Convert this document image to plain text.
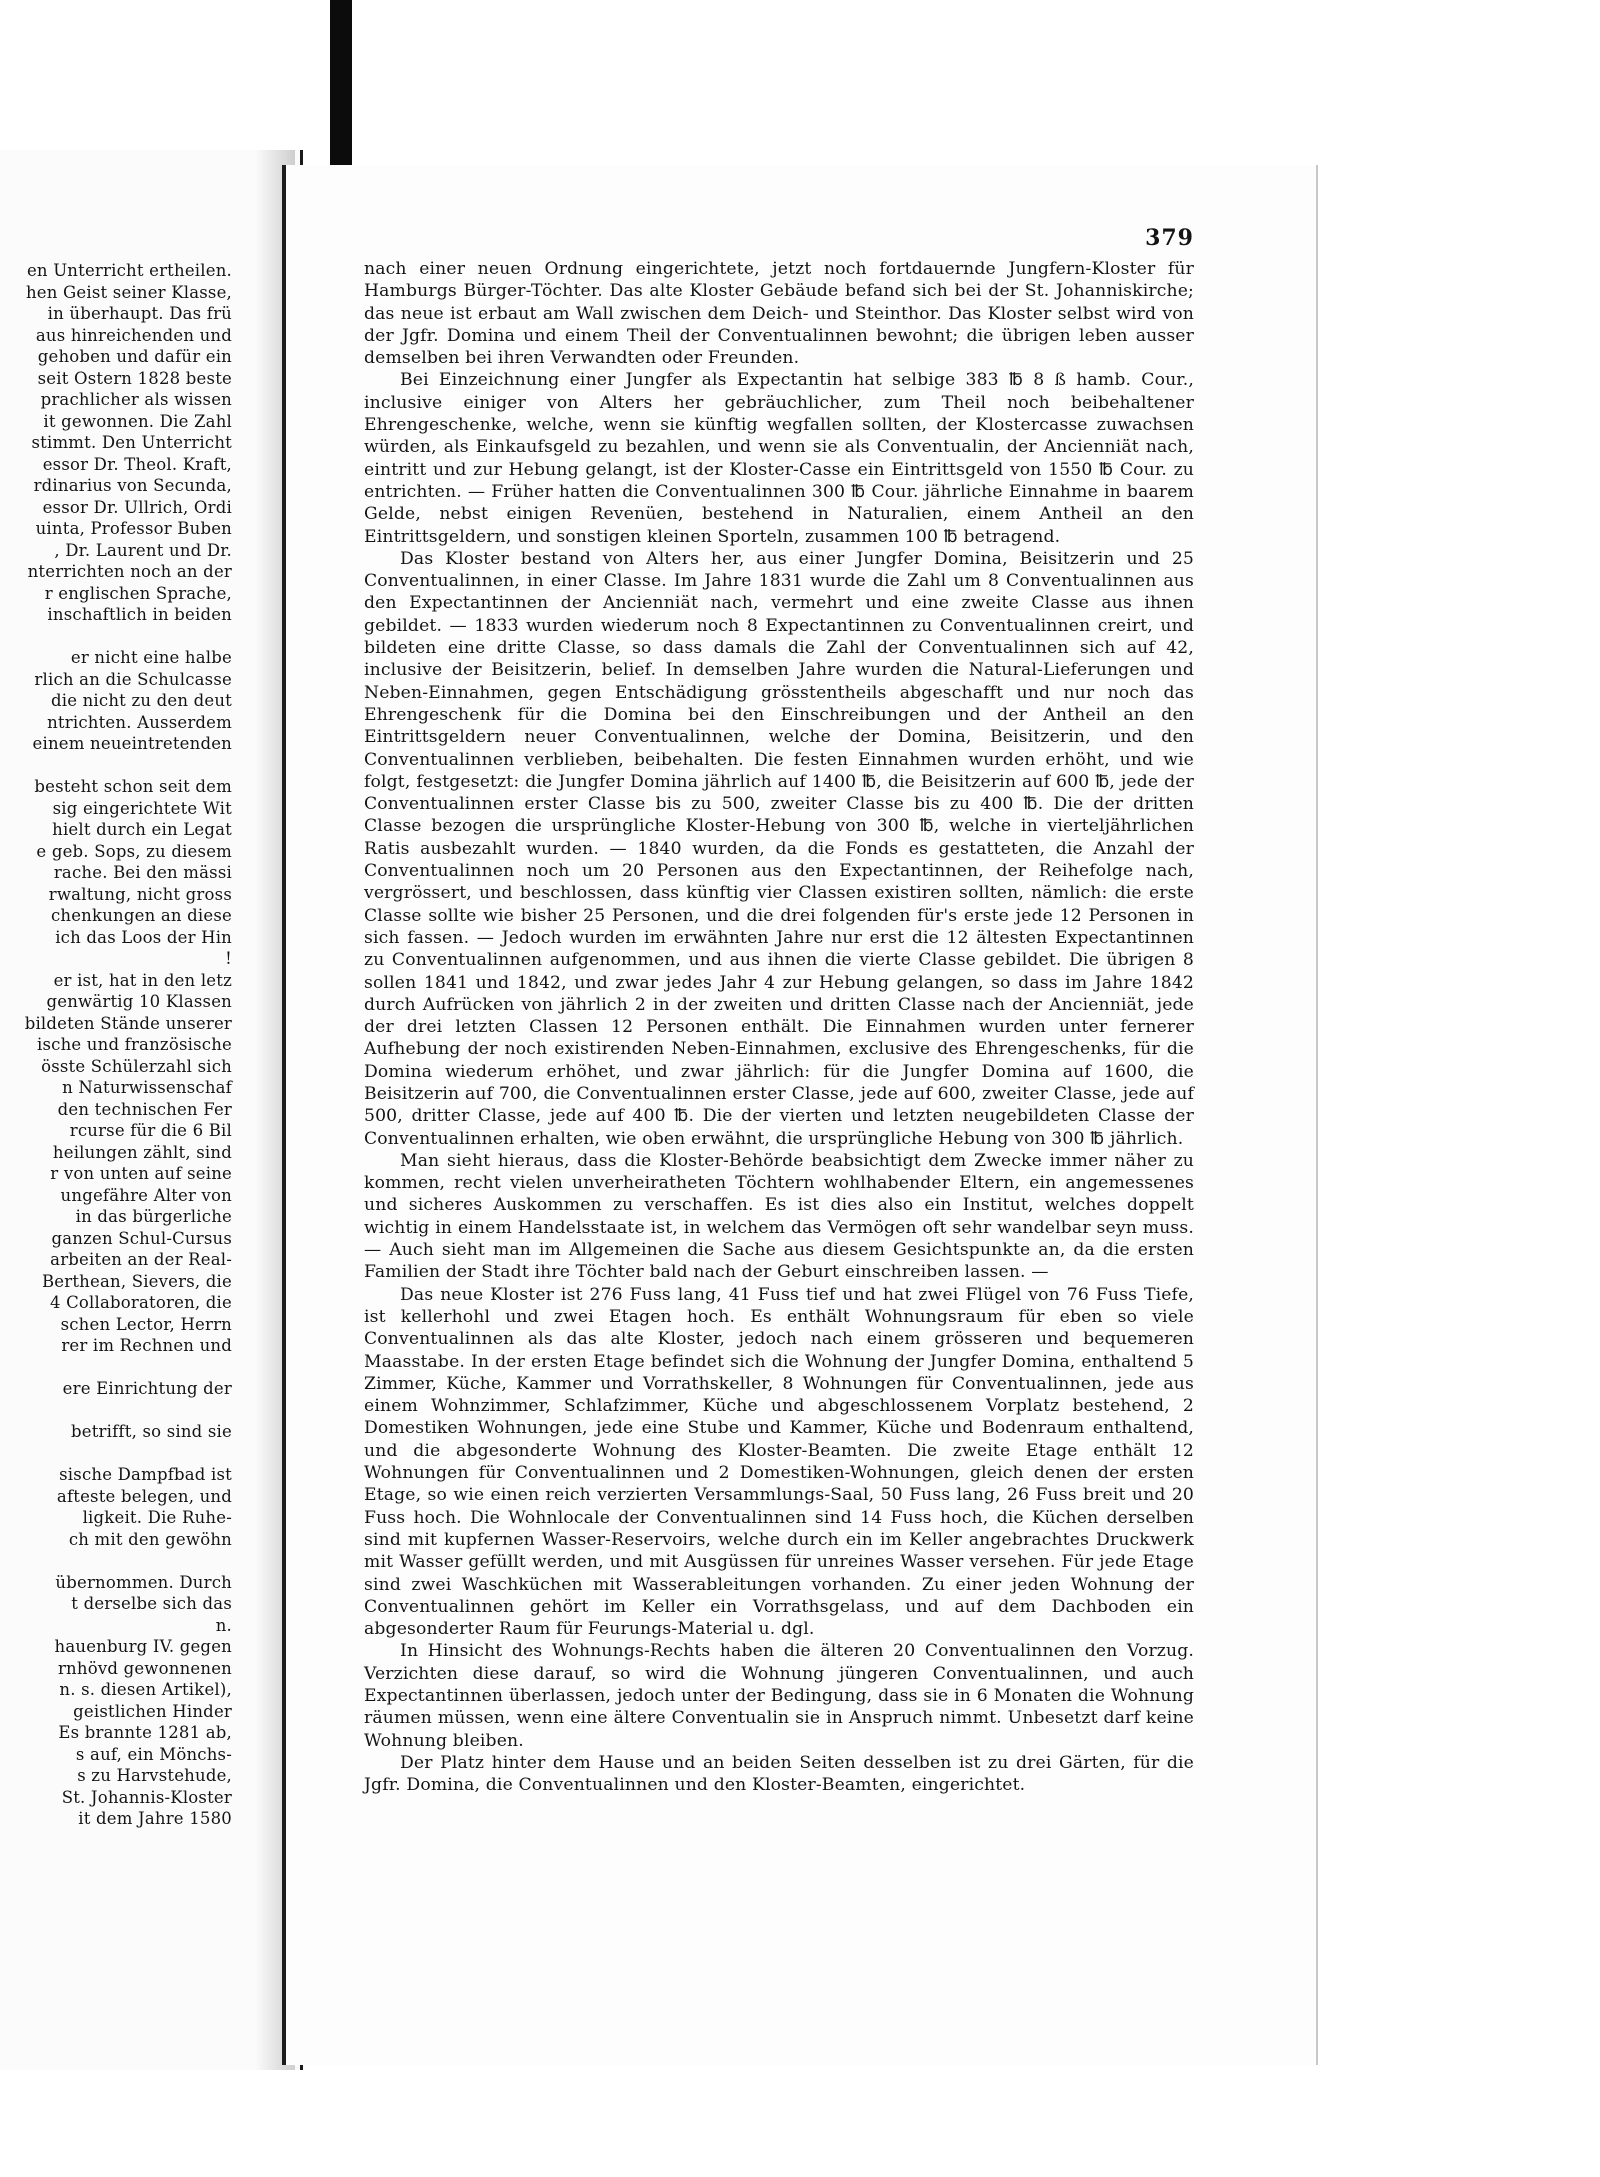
en Unterricht ertheilen.
hen Geist seiner Klasse,
in überhaupt. Das frü
aus hinreichenden und
gehoben und dafür ein
seit Ostern 1828 beste
prachlicher als wissen
it gewonnen. Die Zahl
stimmt. Den Unterricht
essor Dr. Theol. Kraft,
rdinarius von Secunda,
essor Dr. Ullrich, Ordi
uinta, Professor Buben
, Dr. Laurent und Dr.
nterrichten noch an der
r englischen Sprache,
inschaftlich in beiden
er nicht eine halbe
rlich an die Schulcasse
die nicht zu den deut
ntrichten. Ausserdem
einem neueintretenden
besteht schon seit dem
sig eingerichtete Wit
hielt durch ein Legat
e geb. Sops, zu diesem
rache. Bei den mässi
rwaltung, nicht gross
chenkungen an diese
ich das Loos der Hin
!
er ist, hat in den letz
genwärtig 10 Klassen
bildeten Stände unserer
ische und französische
össte Schülerzahl sich
n Naturwissenschaf
den technischen Fer
rcurse für die 6 Bil
heilungen zählt, sind
r von unten auf seine
ungefähre Alter von
in das bürgerliche
ganzen Schul-Cursus
arbeiten an der Real-
Berthean, Sievers, die
4 Collaboratoren, die
schen Lector, Herrn
rer im Rechnen und
ere Einrichtung der
betrifft, so sind sie
sische Dampfbad ist
afteste belegen, und
ligkeit. Die Ruhe-
ch mit den gewöhn
übernommen. Durch
t derselbe sich das
n.
hauenburg IV. gegen
rnhövd gewonnenen
n. s. diesen Artikel),
geistlichen Hinder
Es brannte 1281 ab,
s auf, ein Mönchs-
s zu Harvstehude,
St. Johannis-Kloster
it dem Jahre 1580
379

nach einer neuen Ordnung eingerichtete, jetzt noch fortdauernde Jungfern-Kloster für Hamburgs Bürger-Töchter. Das alte Kloster Gebäude befand sich bei der St. Johanniskirche; das neue ist erbaut am Wall zwischen dem Deich- und Steinthor. Das Kloster selbst wird von der Jgfr. Domina und einem Theil der Conventualinnen bewohnt; die übrigen leben ausser demselben bei ihren Verwandten oder Freunden.

Bei Einzeichnung einer Jungfer als Expectantin hat selbige 383 ℔ 8 ß hamb. Cour., inclusive einiger von Alters her gebräuchlicher, zum Theil noch beibehaltener Ehrengeschenke, welche, wenn sie künftig wegfallen sollten, der Klostercasse zuwachsen würden, als Einkaufsgeld zu bezahlen, und wenn sie als Conventualin, der Ancienniät nach, eintritt und zur Hebung gelangt, ist der Kloster-Casse ein Eintrittsgeld von 1550 ℔ Cour. zu entrichten. — Früher hatten die Conventualinnen 300 ℔ Cour. jährliche Einnahme in baarem Gelde, nebst einigen Revenüen, bestehend in Naturalien, einem Antheil an den Eintrittsgeldern, und sonstigen kleinen Sporteln, zusammen 100 ℔ betragend.

Das Kloster bestand von Alters her, aus einer Jungfer Domina, Beisitzerin und 25 Conventualinnen, in einer Classe. Im Jahre 1831 wurde die Zahl um 8 Conventualinnen aus den Expectantinnen der Ancienniät nach, vermehrt und eine zweite Classe aus ihnen gebildet. — 1833 wurden wiederum noch 8 Expectantinnen zu Conventualinnen creirt, und bildeten eine dritte Classe, so dass damals die Zahl der Conventualinnen sich auf 42, inclusive der Beisitzerin, belief. In demselben Jahre wurden die Natural-Lieferungen und Neben-Einnahmen, gegen Entschädigung grösstentheils abgeschafft und nur noch das Ehrengeschenk für die Domina bei den Einschreibungen und der Antheil an den Eintrittsgeldern neuer Conventualinnen, welche der Domina, Beisitzerin, und den Conventualinnen verblieben, beibehalten. Die festen Einnahmen wurden erhöht, und wie folgt, festgesetzt: die Jungfer Domina jährlich auf 1400 ℔, die Beisitzerin auf 600 ℔, jede der Conventualinnen erster Classe bis zu 500, zweiter Classe bis zu 400 ℔. Die der dritten Classe bezogen die ursprüngliche Kloster-Hebung von 300 ℔, welche in vierteljährlichen Ratis ausbezahlt wurden. — 1840 wurden, da die Fonds es gestatteten, die Anzahl der Conventualinnen noch um 20 Personen aus den Expectantinnen, der Reihefolge nach, vergrössert, und beschlossen, dass künftig vier Classen existiren sollten, nämlich: die erste Classe sollte wie bisher 25 Personen, und die drei folgenden für's erste jede 12 Personen in sich fassen. — Jedoch wurden im erwähnten Jahre nur erst die 12 ältesten Expectantinnen zu Conventualinnen aufgenommen, und aus ihnen die vierte Classe gebildet. Die übrigen 8 sollen 1841 und 1842, und zwar jedes Jahr 4 zur Hebung gelangen, so dass im Jahre 1842 durch Aufrücken von jährlich 2 in der zweiten und dritten Classe nach der Ancienniät, jede der drei letzten Classen 12 Personen enthält. Die Einnahmen wurden unter fernerer Aufhebung der noch existirenden Neben-Einnahmen, exclusive des Ehrengeschenks, für die Domina wiederum erhöhet, und zwar jährlich: für die Jungfer Domina auf 1600, die Beisitzerin auf 700, die Conventualinnen erster Classe, jede auf 600, zweiter Classe, jede auf 500, dritter Classe, jede auf 400 ℔. Die der vierten und letzten neugebildeten Classe der Conventualinnen erhalten, wie oben erwähnt, die ursprüngliche Hebung von 300 ℔ jährlich.

Man sieht hieraus, dass die Kloster-Behörde beabsichtigt dem Zwecke immer näher zu kommen, recht vielen unverheiratheten Töchtern wohlhabender Eltern, ein angemessenes und sicheres Auskommen zu verschaffen. Es ist dies also ein Institut, welches doppelt wichtig in einem Handelsstaate ist, in welchem das Vermögen oft sehr wandelbar seyn muss. — Auch sieht man im Allgemeinen die Sache aus diesem Gesichtspunkte an, da die ersten Familien der Stadt ihre Töchter bald nach der Geburt einschreiben lassen. —

Das neue Kloster ist 276 Fuss lang, 41 Fuss tief und hat zwei Flügel von 76 Fuss Tiefe, ist kellerhohl und zwei Etagen hoch. Es enthält Wohnungsraum für eben so viele Conventualinnen als das alte Kloster, jedoch nach einem grösseren und bequemeren Maasstabe. In der ersten Etage befindet sich die Wohnung der Jungfer Domina, enthaltend 5 Zimmer, Küche, Kammer und Vorrathskeller, 8 Wohnungen für Conventualinnen, jede aus einem Wohnzimmer, Schlafzimmer, Küche und abgeschlossenem Vorplatz bestehend, 2 Domestiken Wohnungen, jede eine Stube und Kammer, Küche und Bodenraum enthaltend, und die abgesonderte Wohnung des Kloster-Beamten. Die zweite Etage enthält 12 Wohnungen für Conventualinnen und 2 Domestiken-Wohnungen, gleich denen der ersten Etage, so wie einen reich verzierten Versammlungs-Saal, 50 Fuss lang, 26 Fuss breit und 20 Fuss hoch. Die Wohnlocale der Conventualinnen sind 14 Fuss hoch, die Küchen derselben sind mit kupfernen Wasser-Reservoirs, welche durch ein im Keller angebrachtes Druckwerk mit Wasser gefüllt werden, und mit Ausgüssen für unreines Wasser versehen. Für jede Etage sind zwei Waschküchen mit Wasserableitungen vorhanden. Zu einer jeden Wohnung der Conventualinnen gehört im Keller ein Vorrathsgelass, und auf dem Dachboden ein abgesonderter Raum für Feurungs-Material u. dgl.

In Hinsicht des Wohnungs-Rechts haben die älteren 20 Conventualinnen den Vorzug. Verzichten diese darauf, so wird die Wohnung jüngeren Conventualinnen, und auch Expectantinnen überlassen, jedoch unter der Bedingung, dass sie in 6 Monaten die Wohnung räumen müssen, wenn eine ältere Conventualin sie in Anspruch nimmt. Unbesetzt darf keine Wohnung bleiben.

Der Platz hinter dem Hause und an beiden Seiten desselben ist zu drei Gärten, für die Jgfr. Domina, die Conventualinnen und den Kloster-Beamten, eingerichtet.
